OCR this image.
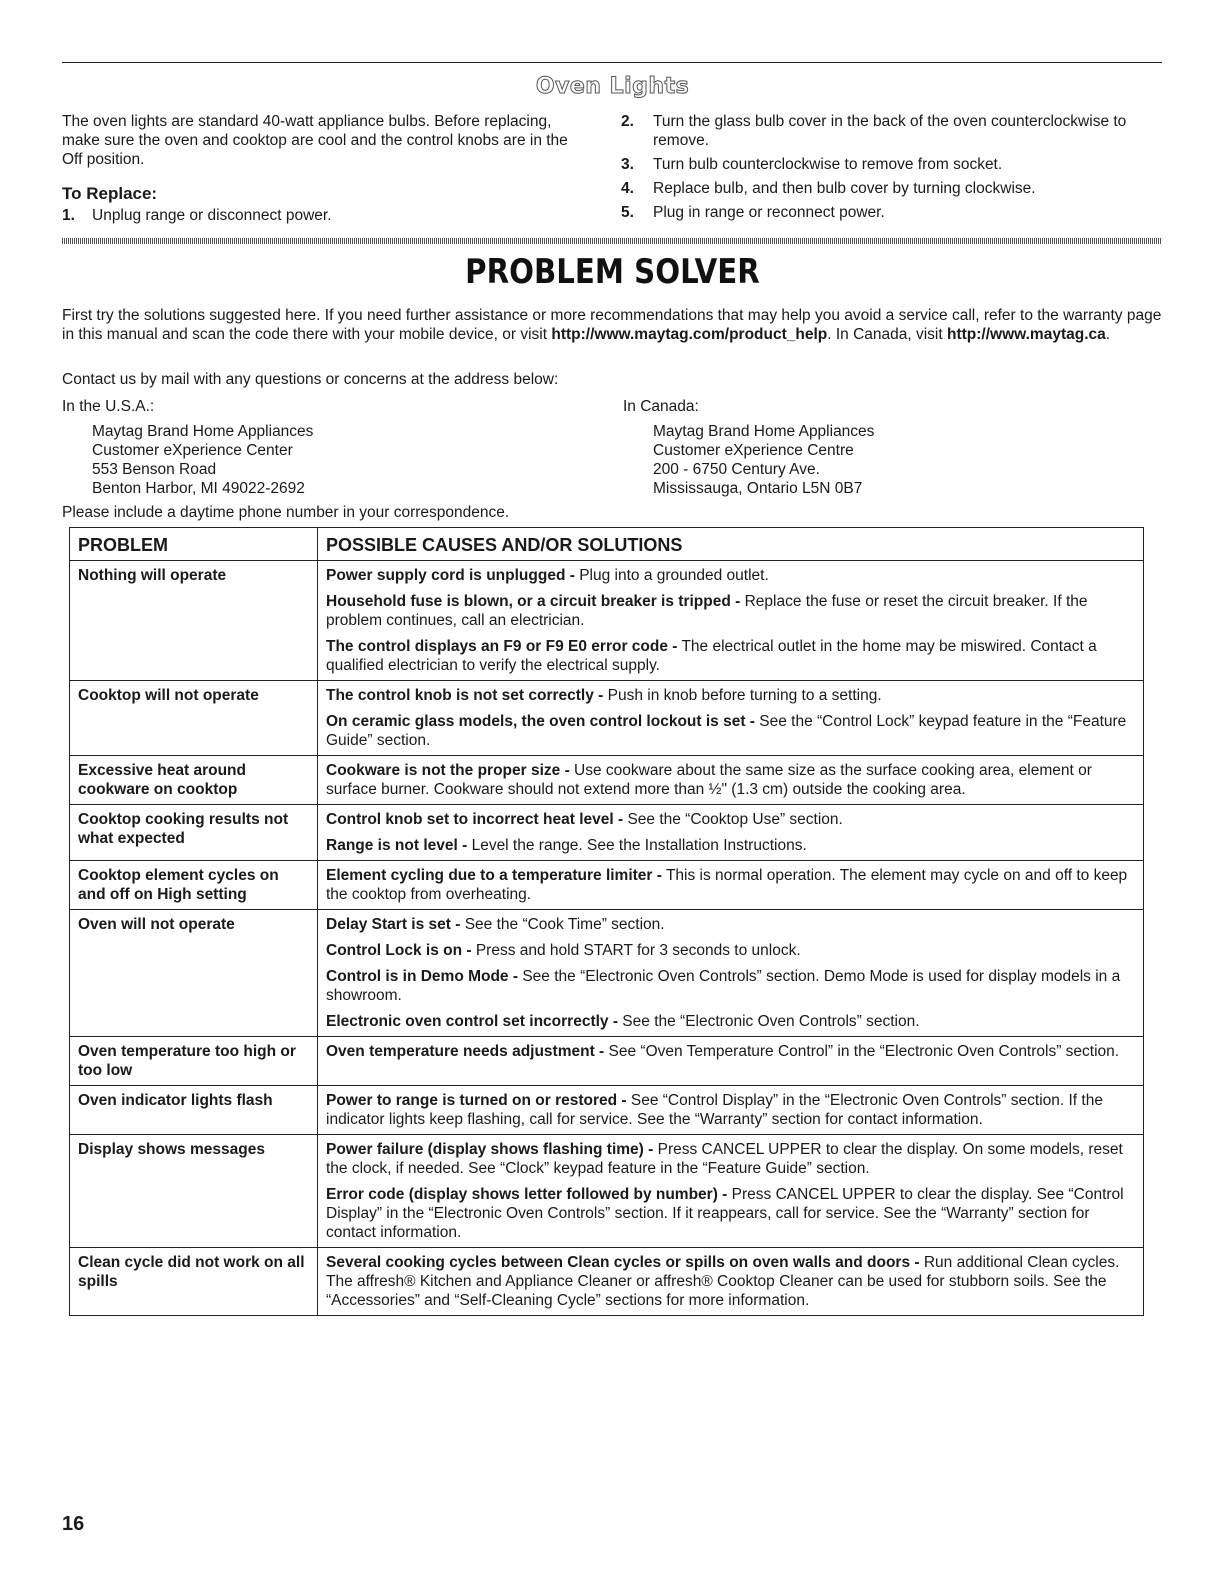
Oven Lights

The oven lights are standard 40-watt appliance bulbs. Before replacing, make sure the oven and cooktop are cool and the control knobs are in the Off position.

To Replace:
1.	Unplug range or disconnect power.
2.	Turn the glass bulb cover in the back of the oven counterclockwise to remove.
3.	Turn bulb counterclockwise to remove from socket.
4.	Replace bulb, and then bulb cover by turning clockwise.
5.	Plug in range or reconnect power.
PROBLEM SOLVER

First try the solutions suggested here. If you need further assistance or more recommendations that may help you avoid a service call, refer to the warranty page in this manual and scan the code there with your mobile device, or visit http://www.maytag.com/product_help. In Canada, visit http://www.maytag.ca.

Contact us by mail with any questions or concerns at the address below:
In the U.S.A.:
Maytag Brand Home Appliances
Customer eXperience Center
553 Benson Road
Benton Harbor, MI 49022-2692
In Canada:
Maytag Brand Home Appliances
Customer eXperience Centre
200 - 6750 Century Ave.
Mississauga, Ontario L5N 0B7
Please include a daytime phone number in your correspondence.
PROBLEM	POSSIBLE CAUSES AND/OR SOLUTIONS
Nothing will operate	Power supply cord is unplugged - Plug into a grounded outlet.
Household fuse is blown, or a circuit breaker is tripped - Replace the fuse or reset the circuit breaker. If the problem continues, call an electrician.
The control displays an F9 or F9 E0 error code - The electrical outlet in the home may be miswired. Contact a qualified electrician to verify the electrical supply.

Cooktop will not operate	The control knob is not set correctly - Push in knob before turning to a setting.
On ceramic glass models, the oven control lockout is set - See the “Control Lock” keypad feature in the “Feature Guide” section.

Excessive heat around cookware on cooktop	Cookware is not the proper size - Use cookware about the same size as the surface cooking area, element or surface burner. Cookware should not extend more than ½" (1.3 cm) outside the cooking area.

Cooktop cooking results not what expected	Control knob set to incorrect heat level - See the “Cooktop Use” section.
Range is not level - Level the range. See the Installation Instructions.

Cooktop element cycles on and off on High setting	Element cycling due to a temperature limiter - This is normal operation. The element may cycle on and off to keep the cooktop from overheating.

Oven will not operate	Delay Start is set - See the “Cook Time” section.
Control Lock is on - Press and hold START for 3 seconds to unlock.
Control is in Demo Mode - See the “Electronic Oven Controls” section. Demo Mode is used for display models in a showroom.
Electronic oven control set incorrectly - See the “Electronic Oven Controls” section.

Oven temperature too high or too low	Oven temperature needs adjustment - See “Oven Temperature Control” in the “Electronic Oven Controls” section.

Oven indicator lights flash	Power to range is turned on or restored - See “Control Display” in the “Electronic Oven Controls” section. If the indicator lights keep flashing, call for service. See the “Warranty” section for contact information.

Display shows messages	Power failure (display shows flashing time) - Press CANCEL UPPER to clear the display. On some models, reset the clock, if needed. See “Clock” keypad feature in the “Feature Guide” section.
Error code (display shows letter followed by number) - Press CANCEL UPPER to clear the display. See “Control Display” in the “Electronic Oven Controls” section. If it reappears, call for service. See the “Warranty” section for contact information.

Clean cycle did not work on all spills	Several cooking cycles between Clean cycles or spills on oven walls and doors - Run additional Clean cycles. The affresh® Kitchen and Appliance Cleaner or affresh® Cooktop Cleaner can be used for stubborn soils. See the “Accessories” and “Self-Cleaning Cycle” sections for more information.
16
